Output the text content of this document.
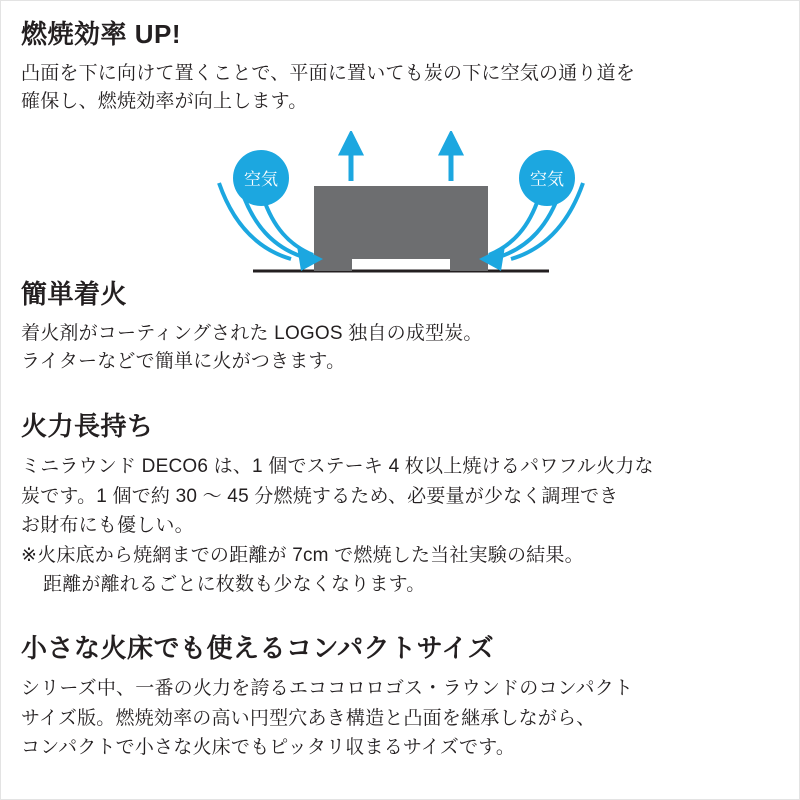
燃焼効率 UP!

凸面を下に向けて置くことで、平面に置いても炭の下に空気の通り道を
確保し、燃焼効率が向上します。

空気	空気
簡単着火

着火剤がコーティングされた LOGOS 独自の成型炭。
ライターなどで簡単に火がつきます。

火力長持ち

ミニラウンド DECO6 は、1 個でステーキ 4 枚以上焼けるパワフル火力な
炭です。1 個で約 30 〜 45 分燃焼するため、必要量が少なく調理でき
お財布にも優しい。
※火床底から焼網までの距離が 7cm で燃焼した当社実験の結果。

距離が離れるごとに枚数も少なくなります。

小さな火床でも使えるコンパクトサイズ

シリーズ中、一番の火力を誇るエココロロゴス・ラウンドのコンパクト
サイズ版。燃焼効率の高い円型穴あき構造と凸面を継承しながら、
コンパクトで小さな火床でもピッタリ収まるサイズです。
